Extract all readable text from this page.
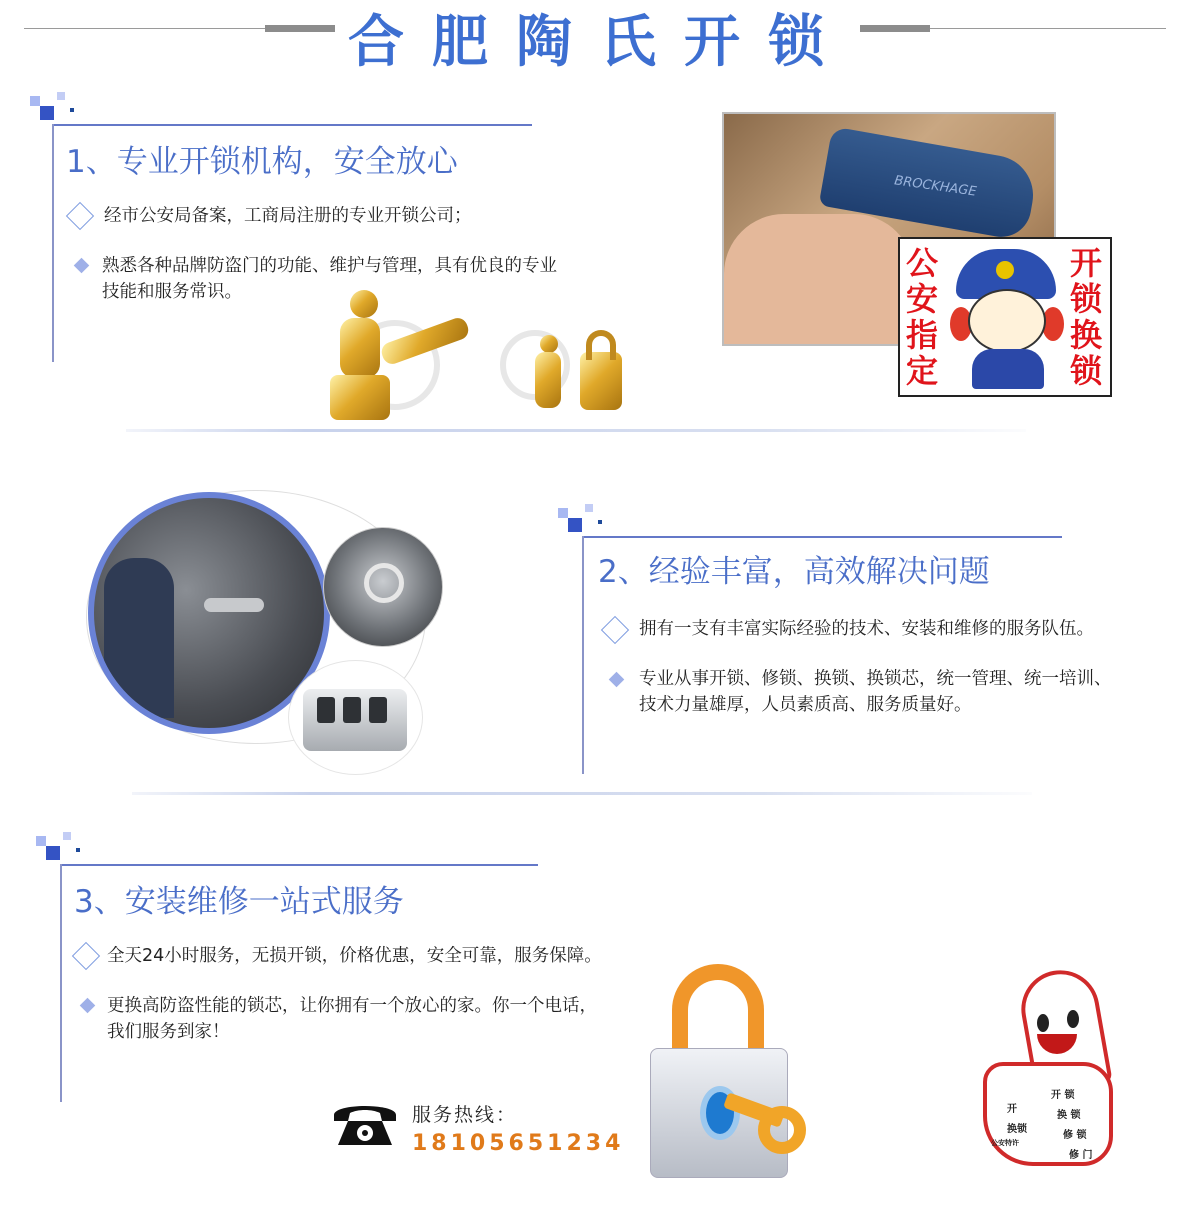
合肥陶氏开锁
1、专业开锁机构，安全放心
经市公安局备案，工商局注册的专业开锁公司；
熟悉各种品牌防盗门的功能、维护与管理，具有优良的专业
技能和服务常识。
BROCKHAGE
公安指定
开锁换锁
2、经验丰富，高效解决问题
拥有一支有丰富实际经验的技术、安装和维修的服务队伍。
专业从事开锁、修锁、换锁、换锁芯，统一管理、统一培训、
技术力量雄厚，人员素质高、服务质量好。
3、安装维修一站式服务
全天24小时服务，无损开锁，价格优惠，安全可靠，服务保障。
更换高防盗性能的锁芯，让你拥有一个放心的家。你一个电话，
我们服务到家！
服务热线：
18105651234
开 锁
开
换 锁
换锁
修 锁
公安特许
修 门
